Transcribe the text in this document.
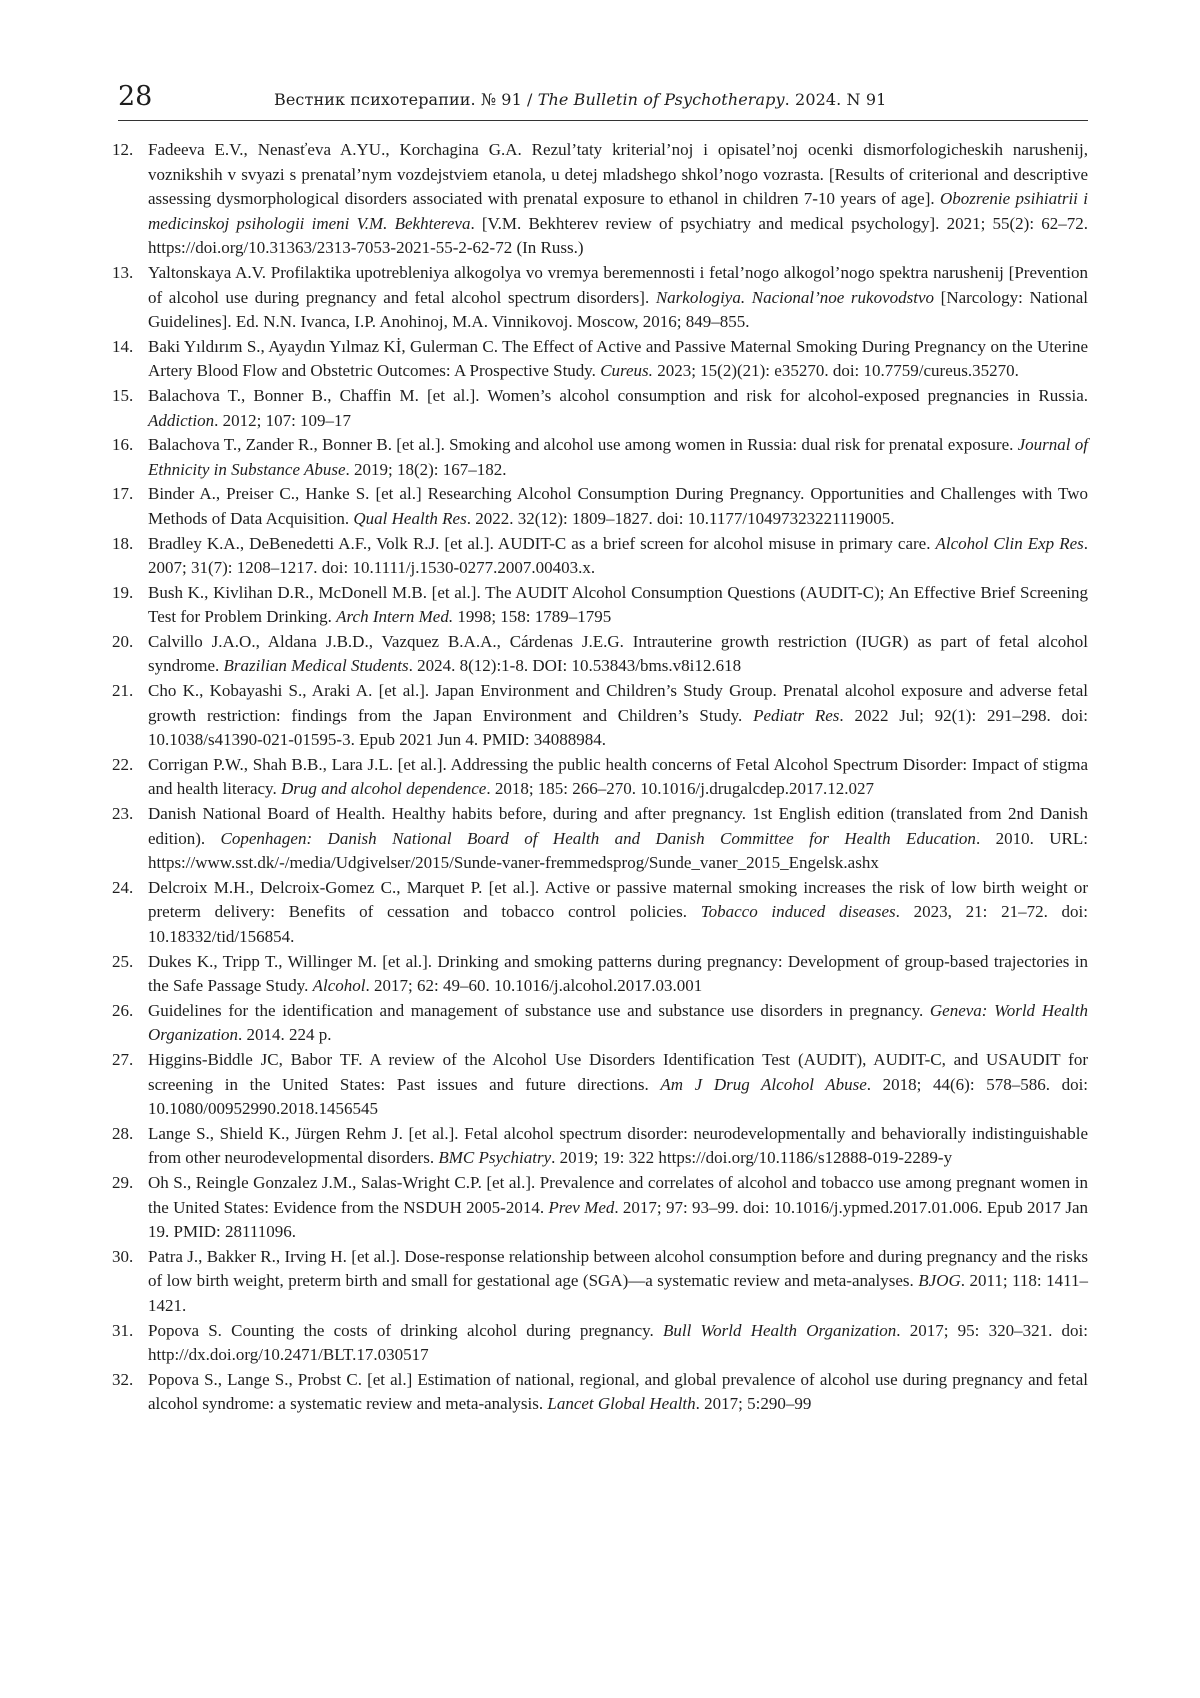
28	Вестник психотерапии. № 91 / The Bulletin of Psychotherapy. 2024. N 91
12. Fadeeva E.V., Nenasťeva A.YU., Korchagina G.A. Rezul’taty kriterial’noj i opisatel’noj ocenki dismorfologicheskih narushenij, voznikshih v svyazi s prenatal’nym vozdejstviem etanola, u detej mladshego shkol’nogo vozrasta. [Results of criterional and descriptive assessing dysmorphological disorders associated with prenatal exposure to ethanol in children 7-10 years of age]. Obozrenie psihiatrii i medicinskoj psihologii imeni V.M. Bekhtereva. [V.M. Bekhterev review of psychiatry and medical psychology]. 2021; 55(2): 62–72. https://doi.org/10.31363/2313-7053-2021-55-2-62-72 (In Russ.)
13. Yaltonskaya A.V. Profilaktika upotrebleniya alkogolya vo vremya beremennosti i fetal’nogo alkogol’nogo spektra narushenij [Prevention of alcohol use during pregnancy and fetal alcohol spectrum disorders]. Narkologiya. Nacional’noe rukovodstvo [Narcology: National Guidelines]. Ed. N.N. Ivanca, I.P. Anohinoj, M.A. Vinnikovoj. Moscow, 2016; 849–855.
14. Baki Yıldırım S., Ayaydın Yılmaz Kİ, Gulerman C. The Effect of Active and Passive Maternal Smoking During Pregnancy on the Uterine Artery Blood Flow and Obstetric Outcomes: A Prospective Study. Cureus. 2023; 15(2)(21): e35270. doi: 10.7759/cureus.35270.
15. Balachova T., Bonner B., Chaffin M. [et al.]. Women’s alcohol consumption and risk for alcohol-exposed pregnancies in Russia. Addiction. 2012; 107: 109–17
16. Balachova T., Zander R., Bonner B. [et al.]. Smoking and alcohol use among women in Russia: dual risk for prenatal exposure. Journal of Ethnicity in Substance Abuse. 2019; 18(2): 167–182.
17. Binder A., Preiser C., Hanke S. [et al.] Researching Alcohol Consumption During Pregnancy. Opportunities and Challenges with Two Methods of Data Acquisition. Qual Health Res. 2022. 32(12): 1809–1827. doi: 10.1177/10497323221119005.
18. Bradley K.A., DeBenedetti A.F., Volk R.J. [et al.]. AUDIT-C as a brief screen for alcohol misuse in primary care. Alcohol Clin Exp Res. 2007; 31(7): 1208–1217. doi: 10.1111/j.1530-0277.2007.00403.x.
19. Bush K., Kivlihan D.R., McDonell M.B. [et al.]. The AUDIT Alcohol Consumption Questions (AUDIT-C); An Effective Brief Screening Test for Problem Drinking. Arch Intern Med. 1998; 158: 1789–1795
20. Calvillo J.A.O., Aldana J.B.D., Vazquez B.A.A., Cárdenas J.E.G. Intrauterine growth restriction (IUGR) as part of fetal alcohol syndrome. Brazilian Medical Students. 2024. 8(12):1-8. DOI: 10.53843/bms.v8i12.618
21. Cho K., Kobayashi S., Araki A. [et al.]. Japan Environment and Children’s Study Group. Prenatal alcohol exposure and adverse fetal growth restriction: findings from the Japan Environment and Children’s Study. Pediatr Res. 2022 Jul; 92(1): 291–298. doi: 10.1038/s41390-021-01595-3. Epub 2021 Jun 4. PMID: 34088984.
22. Corrigan P.W., Shah B.B., Lara J.L. [et al.]. Addressing the public health concerns of Fetal Alcohol Spectrum Disorder: Impact of stigma and health literacy. Drug and alcohol dependence. 2018; 185: 266–270. 10.1016/j.drugalcdep.2017.12.027
23. Danish National Board of Health. Healthy habits before, during and after pregnancy. 1st English edition (translated from 2nd Danish edition). Copenhagen: Danish National Board of Health and Danish Committee for Health Education. 2010. URL: https://www.sst.dk/-/media/Udgivelser/2015/Sunde-vaner-fremmedsprog/Sunde_vaner_2015_Engelsk.ashx
24. Delcroix M.H., Delcroix-Gomez C., Marquet P. [et al.]. Active or passive maternal smoking increases the risk of low birth weight or preterm delivery: Benefits of cessation and tobacco control policies. Tobacco induced diseases. 2023, 21: 21–72. doi: 10.18332/tid/156854.
25. Dukes K., Tripp T., Willinger M. [et al.]. Drinking and smoking patterns during pregnancy: Development of group-based trajectories in the Safe Passage Study. Alcohol. 2017; 62: 49–60. 10.1016/j.alcohol.2017.03.001
26. Guidelines for the identification and management of substance use and substance use disorders in pregnancy. Geneva: World Health Organization. 2014. 224 p.
27. Higgins-Biddle JC, Babor TF. A review of the Alcohol Use Disorders Identification Test (AUDIT), AUDIT-C, and USAUDIT for screening in the United States: Past issues and future directions. Am J Drug Alcohol Abuse. 2018; 44(6): 578–586. doi: 10.1080/00952990.2018.1456545
28. Lange S., Shield K., Jürgen Rehm J. [et al.]. Fetal alcohol spectrum disorder: neurodevelopmentally and behaviorally indistinguishable from other neurodevelopmental disorders. BMC Psychiatry. 2019; 19: 322 https://doi.org/10.1186/s12888-019-2289-y
29. Oh S., Reingle Gonzalez J.M., Salas-Wright C.P. [et al.]. Prevalence and correlates of alcohol and tobacco use among pregnant women in the United States: Evidence from the NSDUH 2005-2014. Prev Med. 2017; 97: 93–99. doi: 10.1016/j.ypmed.2017.01.006. Epub 2017 Jan 19. PMID: 28111096.
30. Patra J., Bakker R., Irving H. [et al.]. Dose-response relationship between alcohol consumption before and during pregnancy and the risks of low birth weight, preterm birth and small for gestational age (SGA)—a systematic review and meta-analyses. BJOG. 2011; 118: 1411–1421.
31. Popova S. Counting the costs of drinking alcohol during pregnancy. Bull World Health Organization. 2017; 95: 320–321. doi: http://dx.doi.org/10.2471/BLT.17.030517
32. Popova S., Lange S., Probst C. [et al.] Estimation of national, regional, and global prevalence of alcohol use during pregnancy and fetal alcohol syndrome: a systematic review and meta-analysis. Lancet Global Health. 2017; 5:290–99
